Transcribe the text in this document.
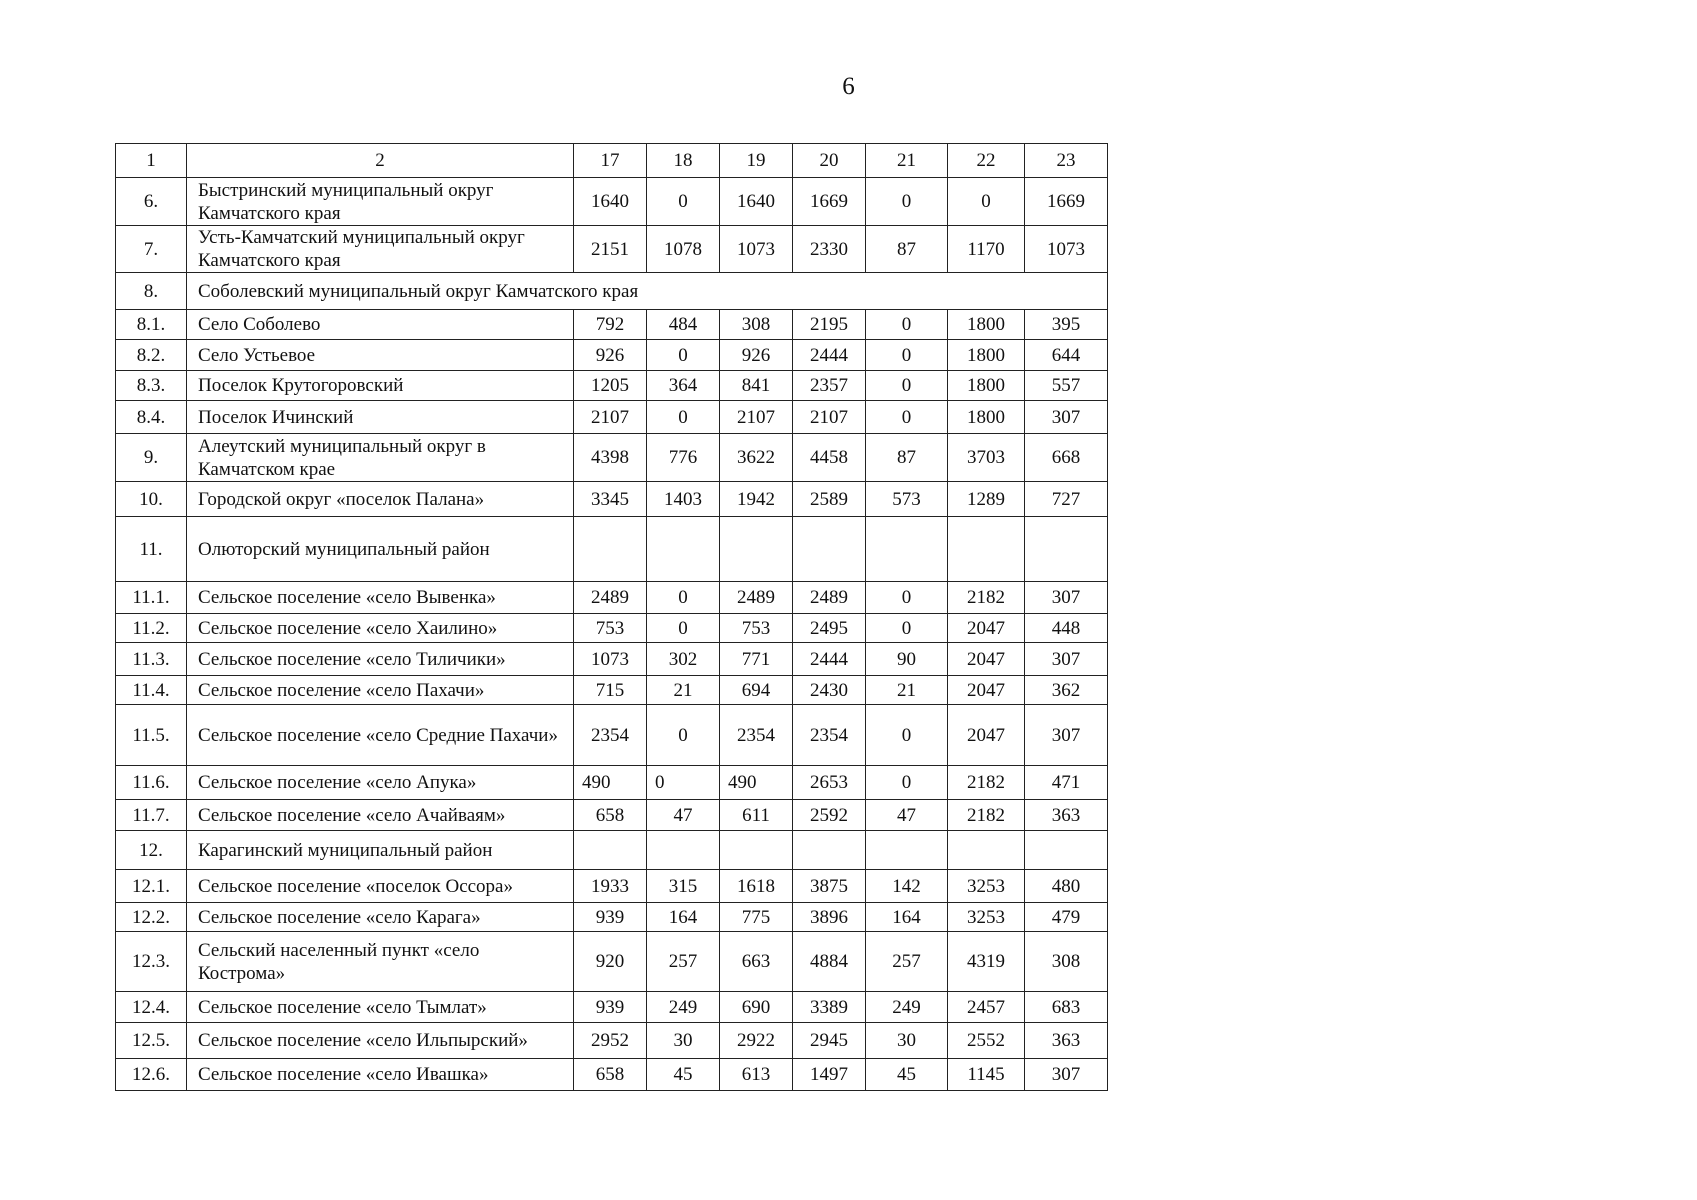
6
1	2	17	18	19	20	21	22	23
6.	Быстринский муниципальный округ Камчатского края	1640	0	1640	1669	0	0	1669
7.	Усть-Камчатский муниципальный округ Камчатского края	2151	1078	1073	2330	87	1170	1073
8.	Соболевский муниципальный округ Камчатского края							
8.1.	Село Соболево	792	484	308	2195	0	1800	395
8.2.	Село Устьевое	926	0	926	2444	0	1800	644
8.3.	Поселок Крутогоровский	1205	364	841	2357	0	1800	557
8.4.	Поселок Ичинский	2107	0	2107	2107	0	1800	307
9.	Алеутский муниципальный округ в Камчатском крае	4398	776	3622	4458	87	3703	668
10.	Городской округ «поселок Палана»	3345	1403	1942	2589	573	1289	727
11.	Олюторский муниципальный район							
11.1.	Сельское поселение «село Вывенка»	2489	0	2489	2489	0	2182	307
11.2.	Сельское поселение «село Хаилино»	753	0	753	2495	0	2047	448
11.3.	Сельское поселение «село Тиличики»	1073	302	771	2444	90	2047	307
11.4.	Сельское поселение «село Пахачи»	715	21	694	2430	21	2047	362
11.5.	Сельское поселение «село Средние Пахачи»	2354	0	2354	2354	0	2047	307
11.6.	Сельское поселение «село Апука»	490	0	490	2653	0	2182	471
11.7.	Сельское поселение «село Ачайваям»	658	47	611	2592	47	2182	363
12.	Карагинский муниципальный район							
12.1.	Сельское поселение «поселок Оссора»	1933	315	1618	3875	142	3253	480
12.2.	Сельское поселение «село Карага»	939	164	775	3896	164	3253	479
12.3.	Сельский населенный пункт «село Кострома»	920	257	663	4884	257	4319	308
12.4.	Сельское поселение «село Тымлат»	939	249	690	3389	249	2457	683
12.5.	Сельское поселение «село Ильпырский»	2952	30	2922	2945	30	2552	363
12.6.	Сельское поселение «село Ивашка»	658	45	613	1497	45	1145	307
